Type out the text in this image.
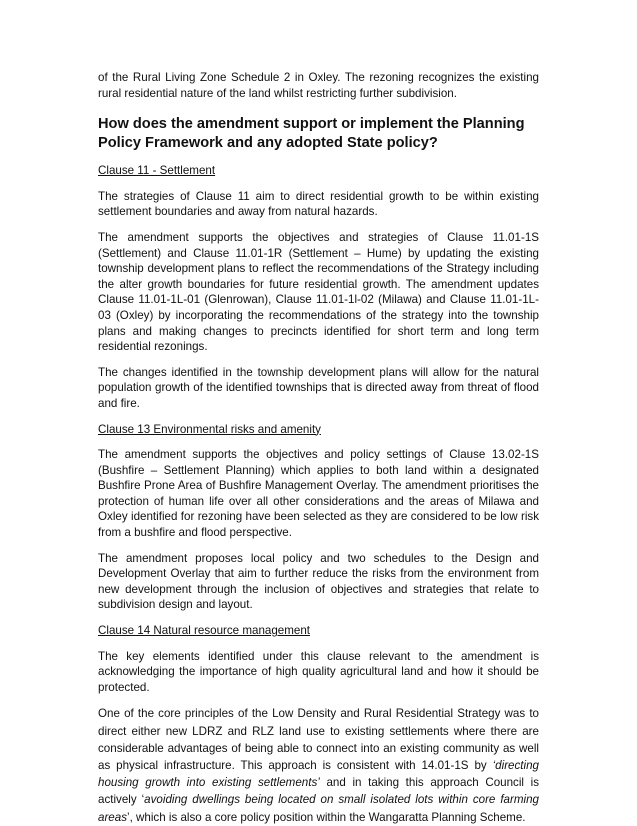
of the Rural Living Zone Schedule 2 in Oxley. The rezoning recognizes the existing rural residential nature of the land whilst restricting further subdivision.

How does the amendment support or implement the Planning Policy Framework and any adopted State policy?
Clause 11 - Settlement

The strategies of Clause 11 aim to direct residential growth to be within existing settlement boundaries and away from natural hazards.

The amendment supports the objectives and strategies of Clause 11.01-1S (Settlement) and Clause 11.01-1R (Settlement – Hume) by updating the existing township development plans to reflect the recommendations of the Strategy including the alter growth boundaries for future residential growth. The amendment updates Clause 11.01-1L-01 (Glenrowan), Clause 11.01-1l-02 (Milawa) and Clause 11.01-1L-03 (Oxley) by incorporating the recommendations of the strategy into the township plans and making changes to precincts identified for short term and long term residential rezonings.

The changes identified in the township development plans will allow for the natural population growth of the identified townships that is directed away from threat of flood and fire.

Clause 13 Environmental risks and amenity

The amendment supports the objectives and policy settings of Clause 13.02-1S (Bushfire – Settlement Planning) which applies to both land within a designated Bushfire Prone Area of Bushfire Management Overlay. The amendment prioritises the protection of human life over all other considerations and the areas of Milawa and Oxley identified for rezoning have been selected as they are considered to be low risk from a bushfire and flood perspective.

The amendment proposes local policy and two schedules to the Design and Development Overlay that aim to further reduce the risks from the environment from new development through the inclusion of objectives and strategies that relate to subdivision design and layout.

Clause 14 Natural resource management

The key elements identified under this clause relevant to the amendment is acknowledging the importance of high quality agricultural land and how it should be protected.

One of the core principles of the Low Density and Rural Residential Strategy was to direct either new LDRZ and RLZ land use to existing settlements where there are considerable advantages of being able to connect into an existing community as well as physical infrastructure. This approach is consistent with 14.01-1S by ‘directing housing growth into existing settlements’ and in taking this approach Council is actively ‘avoiding dwellings being located on small isolated lots within core farming areas’, which is also a core policy position within the Wangaratta Planning Scheme.
